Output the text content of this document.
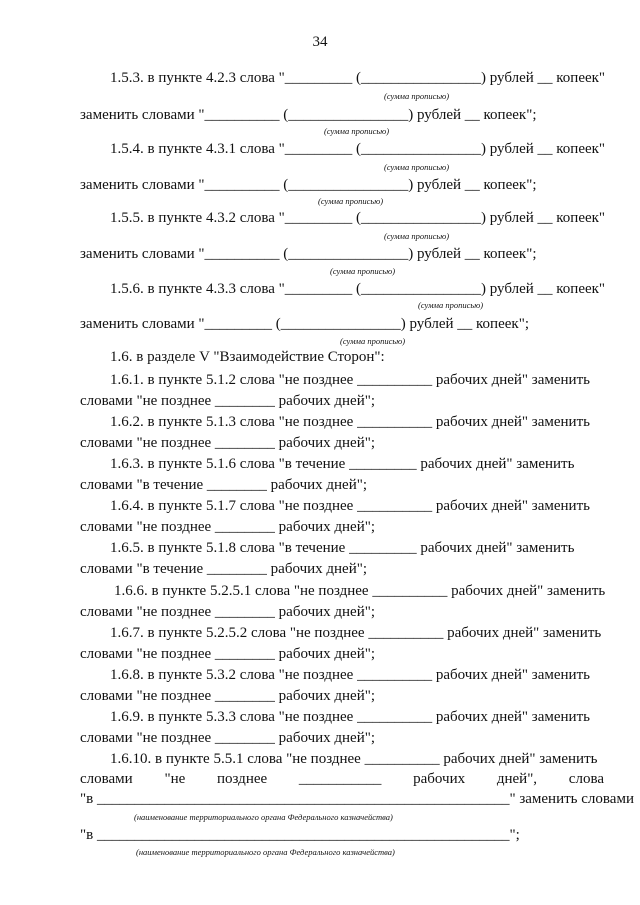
34
1.5.3. в пункте 4.2.3 слова "_________ (________________) рублей __ копеек"
(сумма прописью)
заменить словами "__________ (________________) рублей __ копеек";
(сумма прописью)
1.5.4. в пункте 4.3.1 слова "_________ (________________) рублей __ копеек"
(сумма прописью)
заменить словами "__________ (________________) рублей __ копеек";
(сумма прописью)
1.5.5. в пункте 4.3.2 слова "_________ (________________) рублей __ копеек"
(сумма прописью)
заменить словами "__________ (________________) рублей __ копеек";
(сумма прописью)
1.5.6. в пункте 4.3.3 слова "_________ (________________) рублей __ копеек"
(сумма прописью)
заменить словами "_________ (________________) рублей __ копеек";
(сумма прописью)
1.6. в разделе V "Взаимодействие Сторон":
1.6.1. в пункте 5.1.2 слова "не позднее __________ рабочих дней" заменить
словами "не позднее ________ рабочих дней";
1.6.2. в пункте 5.1.3 слова "не позднее __________ рабочих дней" заменить
словами "не позднее ________ рабочих дней";
1.6.3. в пункте 5.1.6 слова "в течение _________ рабочих дней" заменить
словами "в течение ________ рабочих дней";
1.6.4. в пункте 5.1.7 слова "не позднее __________ рабочих дней" заменить
словами "не позднее ________ рабочих дней";
1.6.5. в пункте 5.1.8 слова "в течение _________ рабочих дней" заменить
словами "в течение ________ рабочих дней";
1.6.6. в пункте 5.2.5.1 слова "не позднее __________ рабочих дней" заменить
словами "не позднее ________ рабочих дней";
1.6.7. в пункте 5.2.5.2 слова "не позднее __________ рабочих дней" заменить
словами "не позднее ________ рабочих дней";
1.6.8. в пункте 5.3.2 слова "не позднее __________ рабочих дней" заменить
словами "не позднее ________ рабочих дней";
1.6.9. в пункте 5.3.3 слова "не позднее __________ рабочих дней" заменить
словами "не позднее ________ рабочих дней";
1.6.10. в пункте 5.5.1 слова "не позднее __________ рабочих дней" заменить
словами "не позднее ___________ рабочих дней", слова
"в _______________________________________________________" заменить словами
(наименование территориального органа Федерального казначейства)
"в _______________________________________________________";
(наименование территориального органа Федерального казначейства)
